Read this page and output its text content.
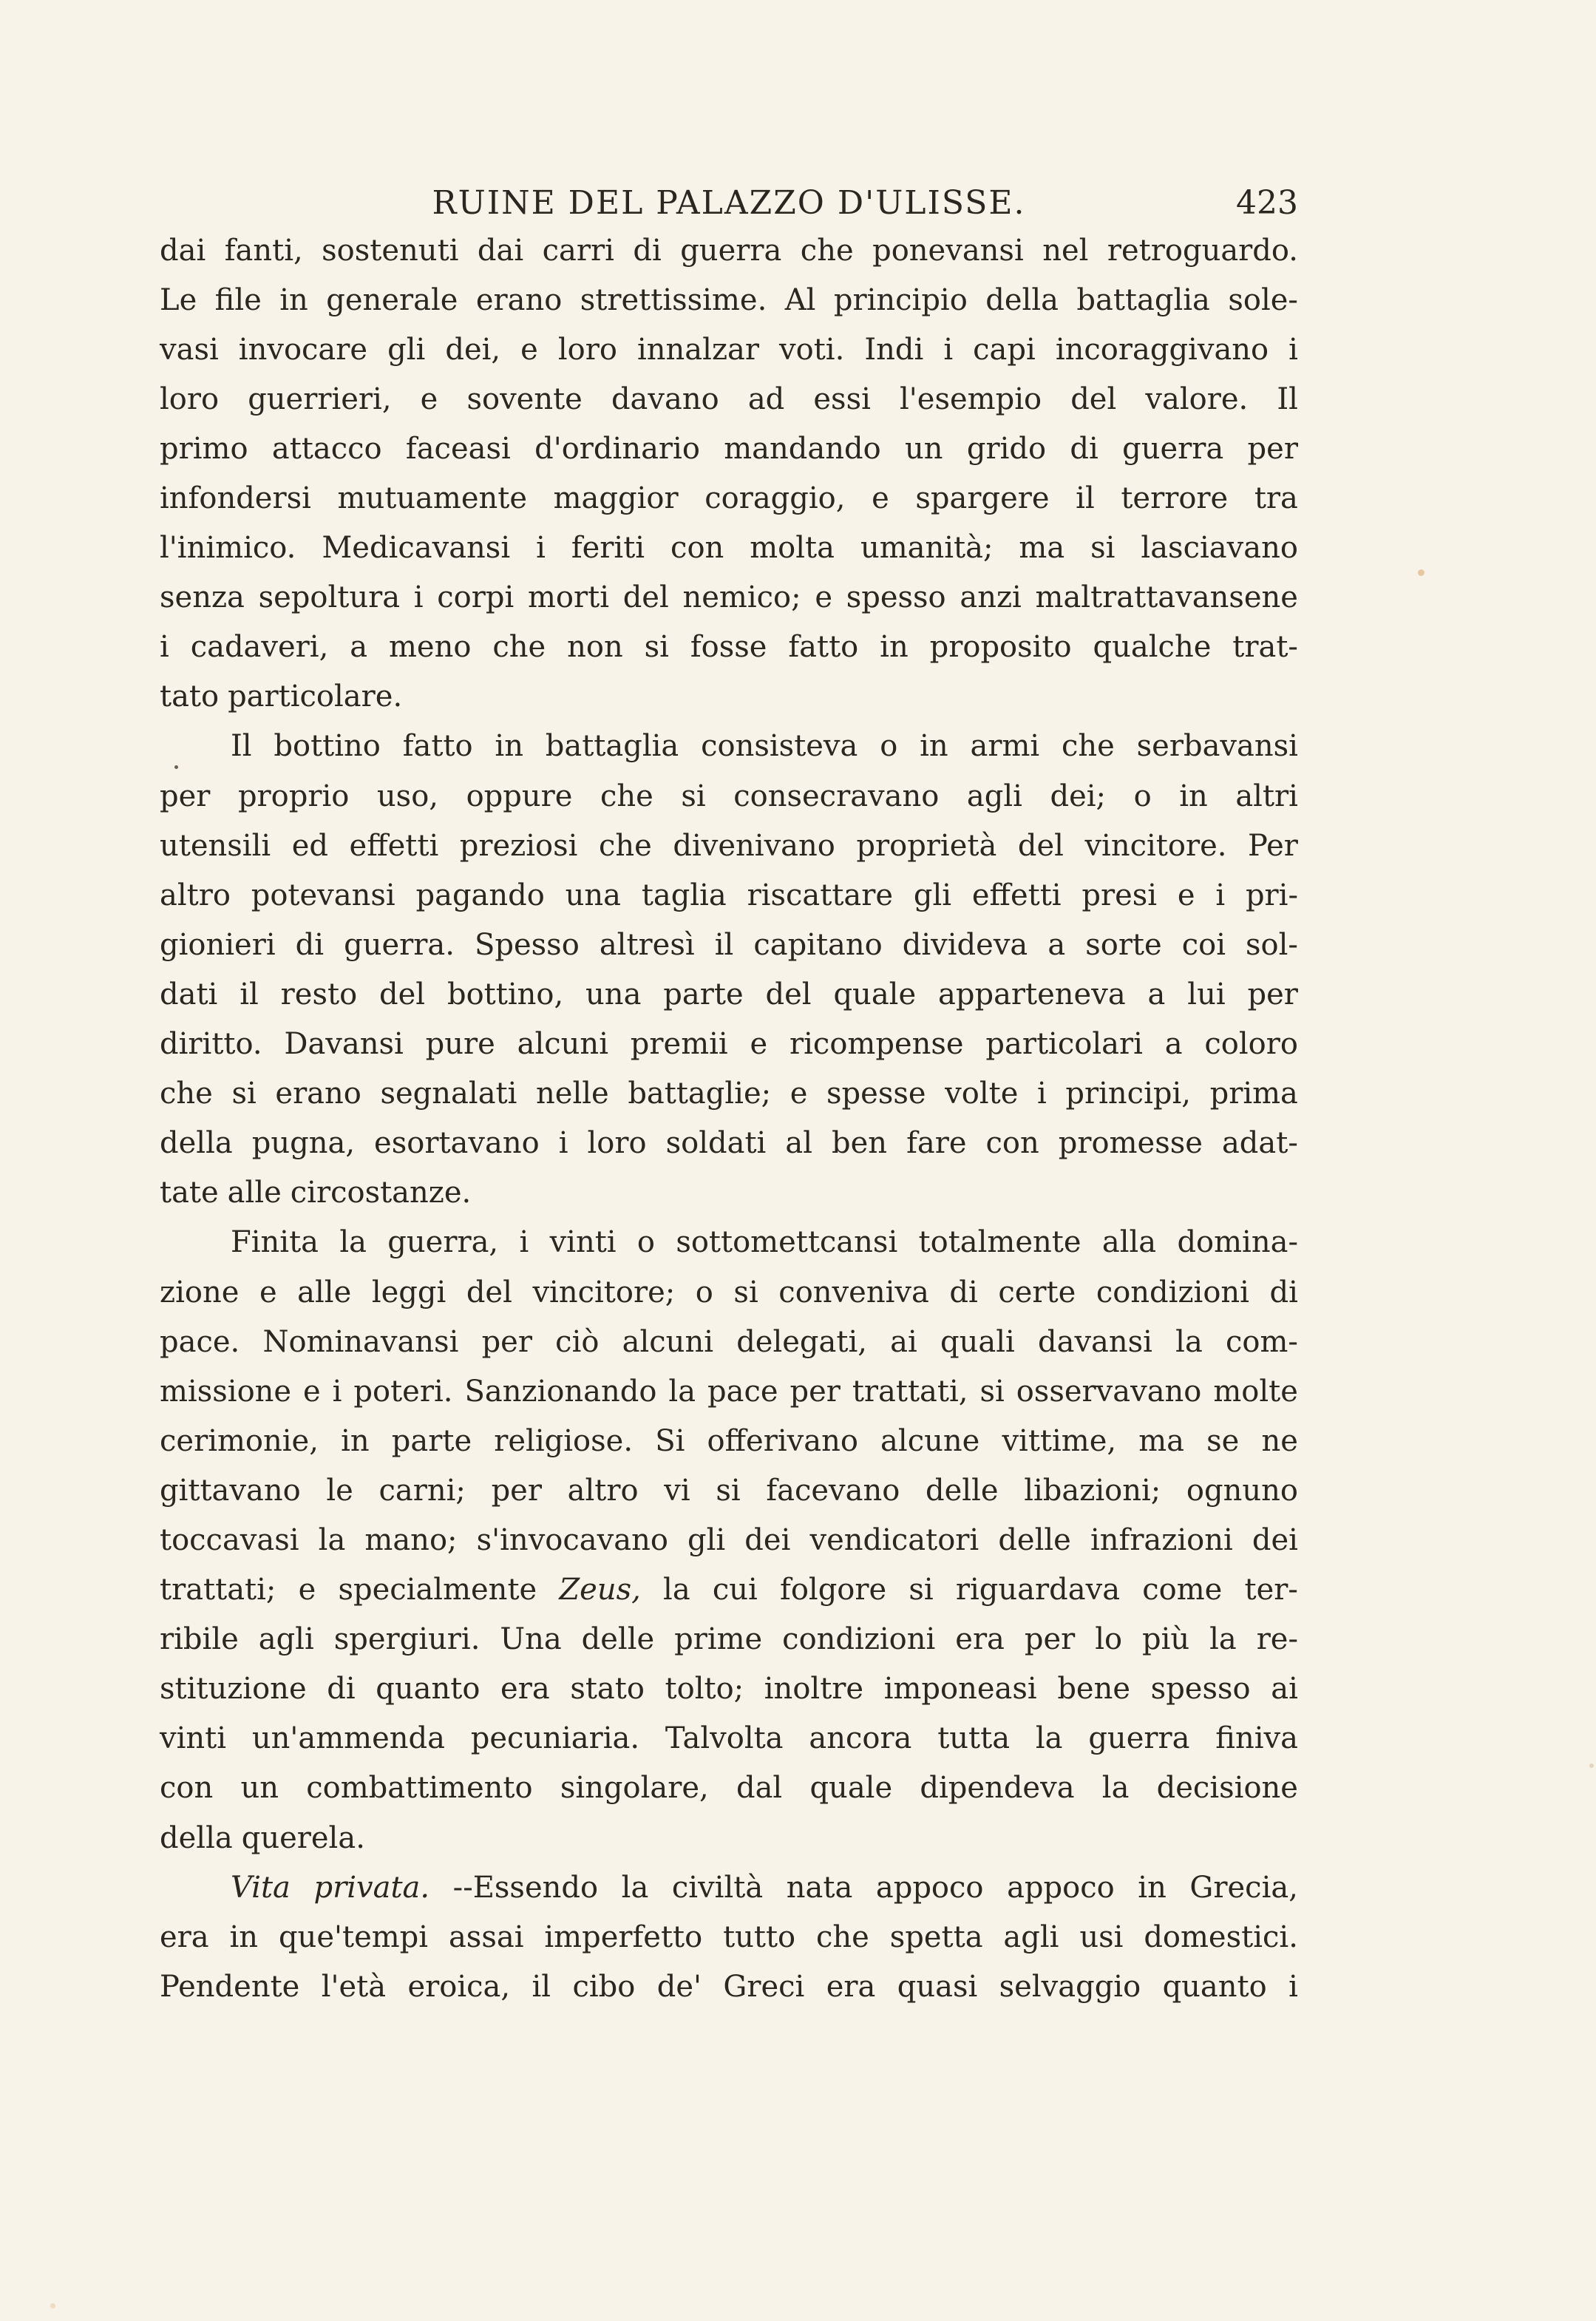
RUINE DEL PALAZZO D'ULISSE.	423
dai fanti, sostenuti dai carri di guerra che ponevansi nel retroguardo.
Le file in generale erano strettissime. Al principio della battaglia sole-
vasi invocare gli dei, e loro innalzar voti. Indi i capi incoraggivano i
loro guerrieri, e sovente davano ad essi l'esempio del valore. Il
primo attacco faceasi d'ordinario mandando un grido di guerra per
infondersi mutuamente maggior coraggio, e spargere il terrore tra
l'inimico. Medicavansi i feriti con molta umanità; ma si lasciavano
senza sepoltura i corpi morti del nemico; e spesso anzi maltrattavansene
i cadaveri, a meno che non si fosse fatto in proposito qualche trat-
tato particolare.
Il bottino fatto in battaglia consisteva o in armi che serbavansi
per proprio uso, oppure che si consecravano agli dei; o in altri
utensili ed effetti preziosi che divenivano proprietà del vincitore. Per
altro potevansi pagando una taglia riscattare gli effetti presi e i pri-
gionieri di guerra. Spesso altresì il capitano divideva a sorte coi sol-
dati il resto del bottino, una parte del quale apparteneva a lui per
diritto. Davansi pure alcuni premii e ricompense particolari a coloro
che si erano segnalati nelle battaglie; e spesse volte i principi, prima
della pugna, esortavano i loro soldati al ben fare con promesse adat-
tate alle circostanze.
Finita la guerra, i vinti o sottomettcansi totalmente alla domina-
zione e alle leggi del vincitore; o si conveniva di certe condizioni di
pace. Nominavansi per ciò alcuni delegati, ai quali davansi la com-
missione e i poteri. Sanzionando la pace per trattati, si osservavano molte
cerimonie, in parte religiose. Si offerivano alcune vittime, ma se ne
gittavano le carni; per altro vi si facevano delle libazioni; ognuno
toccavasi la mano; s'invocavano gli dei vendicatori delle infrazioni dei
trattati; e specialmente Zeus, la cui folgore si riguardava come ter-
ribile agli spergiuri. Una delle prime condizioni era per lo più la re-
stituzione di quanto era stato tolto; inoltre imponeasi bene spesso ai
vinti un'ammenda pecuniaria. Talvolta ancora tutta la guerra finiva
con un combattimento singolare, dal quale dipendeva la decisione
della querela.
Vita privata. --Essendo la civiltà nata appoco appoco in Grecia,
era in que'tempi assai imperfetto tutto che spetta agli usi domestici.
Pendente l'età eroica, il cibo de' Greci era quasi selvaggio quanto i
